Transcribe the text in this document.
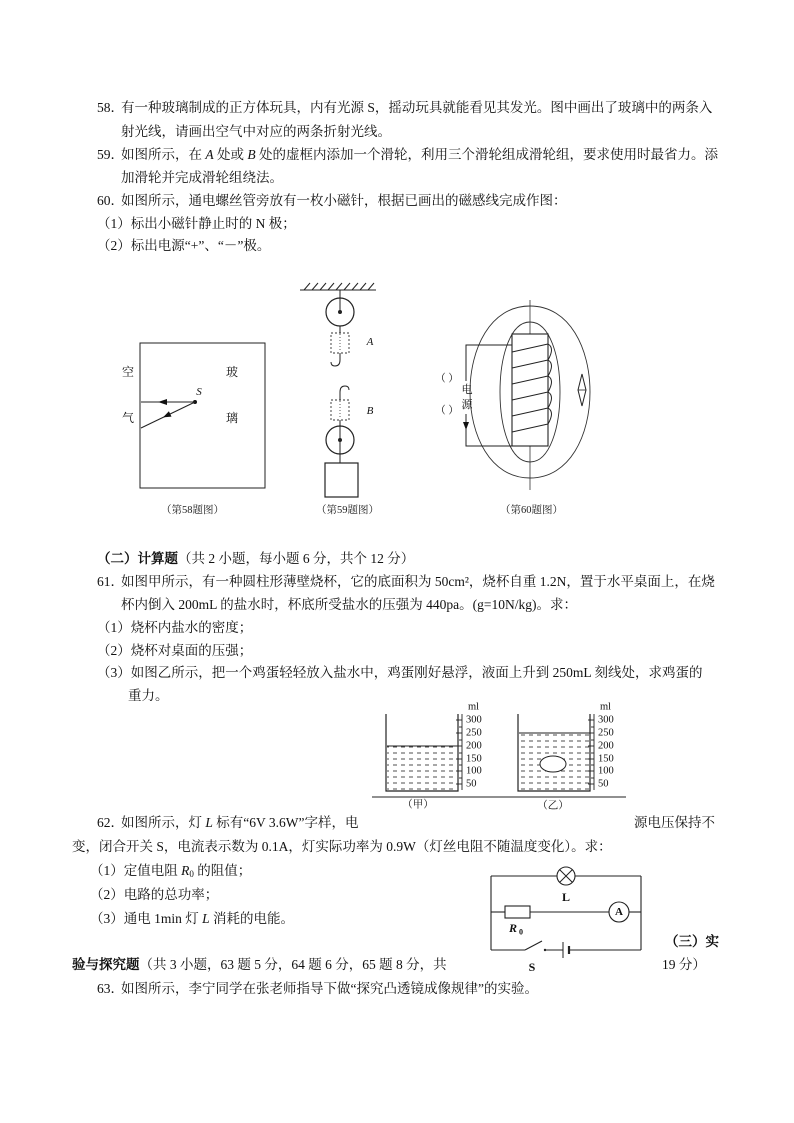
58．有一种玻璃制成的正方体玩具，内有光源 S，摇动玩具就能看见其发光。图中画出了玻璃中的两条入
射光线，请画出空气中对应的两条折射光线。
59．如图所示，在 A 处或 B 处的虚框内添加一个滑轮，利用三个滑轮组成滑轮组，要求使用时最省力。添
加滑轮并完成滑轮组绕法。
60．如图所示，通电螺丝管旁放有一枚小磁针，根据已画出的磁感线完成作图：
（1）标出小磁针静止时的 N 极；
（2）标出电源“+”、“－”极。
空
气
玻
璃
S
（第58题图）
A
B
（第59题图）
（ ）
（ ）
电
源
（第60题图）
（二）计算题（共 2 小题，每小题 6 分，共个 12 分）
61．如图甲所示，有一种圆柱形薄壁烧杯，它的底面积为 50cm²，烧杯自重 1.2N，置于水平桌面上，在烧
杯内倒入 200mL 的盐水时，杯底所受盐水的压强为 440pa。(g=10N/kg)。求：
（1）烧杯内盐水的密度；
（2）烧杯对桌面的压强；
（3）如图乙所示，把一个鸡蛋轻轻放入盐水中，鸡蛋刚好悬浮，液面上升到 250mL 刻线处，求鸡蛋的
重力。
ml
300
250
200
150
100
50
（甲）
ml
300
250
200
150
100
50
（乙）
62．如图所示，灯 L 标有“6V 3.6W”字样，电	源电压保持不
变，闭合开关 S，电流表示数为 0.1A，灯实际功率为 0.9W（灯丝电阻不随温度变化）。求：
（1）定值电阻 $R_0$ 的阻值；
（2）电路的总功率；
（3）通电 1min 灯 L 消耗的电能。
L
R 0
A
S
（三）实
验与探究题（共 3 小题，63 题 5 分，64 题 6 分，65 题 8 分，共	19 分）
63．如图所示，李宁同学在张老师指导下做“探究凸透镜成像规律”的实验。
